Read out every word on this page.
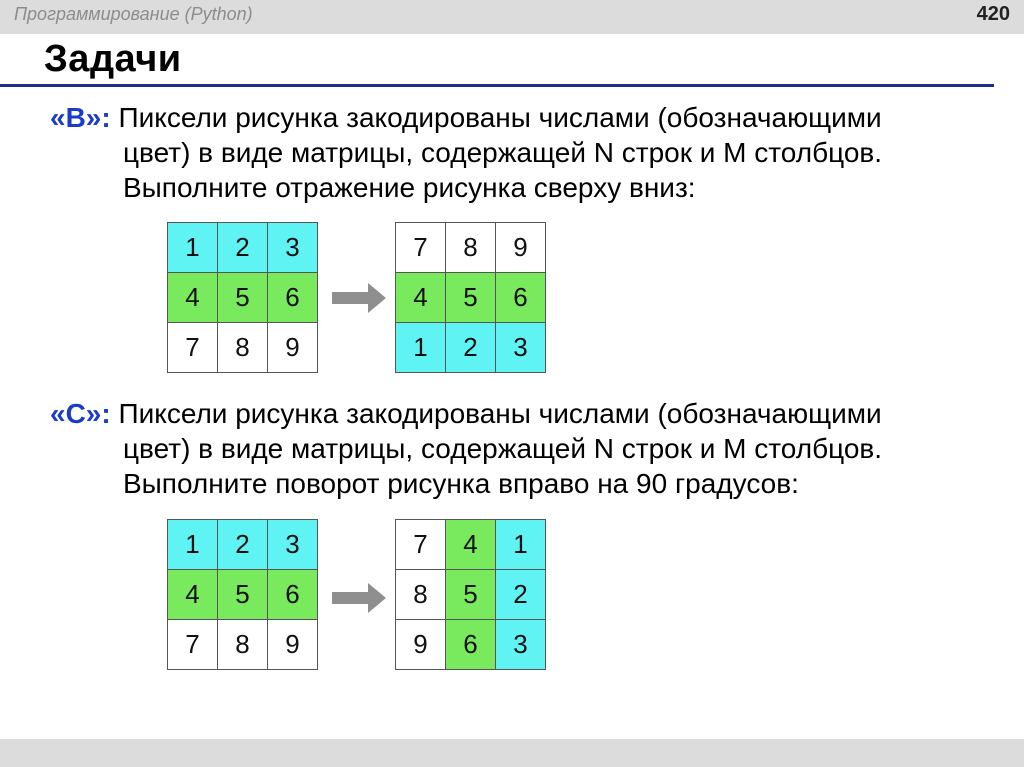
Программирование (Python)	420
Задачи
«B»: Пиксели рисунка закодированы числами (обозначающими
цвет) в виде матрицы, содержащей N строк и M столбцов.
Выполните отражение рисунка сверху вниз:
1	2	3
4	5	6
7	8	9
7	8	9
4	5	6
1	2	3
«C»: Пиксели рисунка закодированы числами (обозначающими
цвет) в виде матрицы, содержащей N строк и M столбцов.
Выполните поворот рисунка вправо на 90 градусов:
1	2	3
4	5	6
7	8	9
7	4	1
8	5	2
9	6	3
